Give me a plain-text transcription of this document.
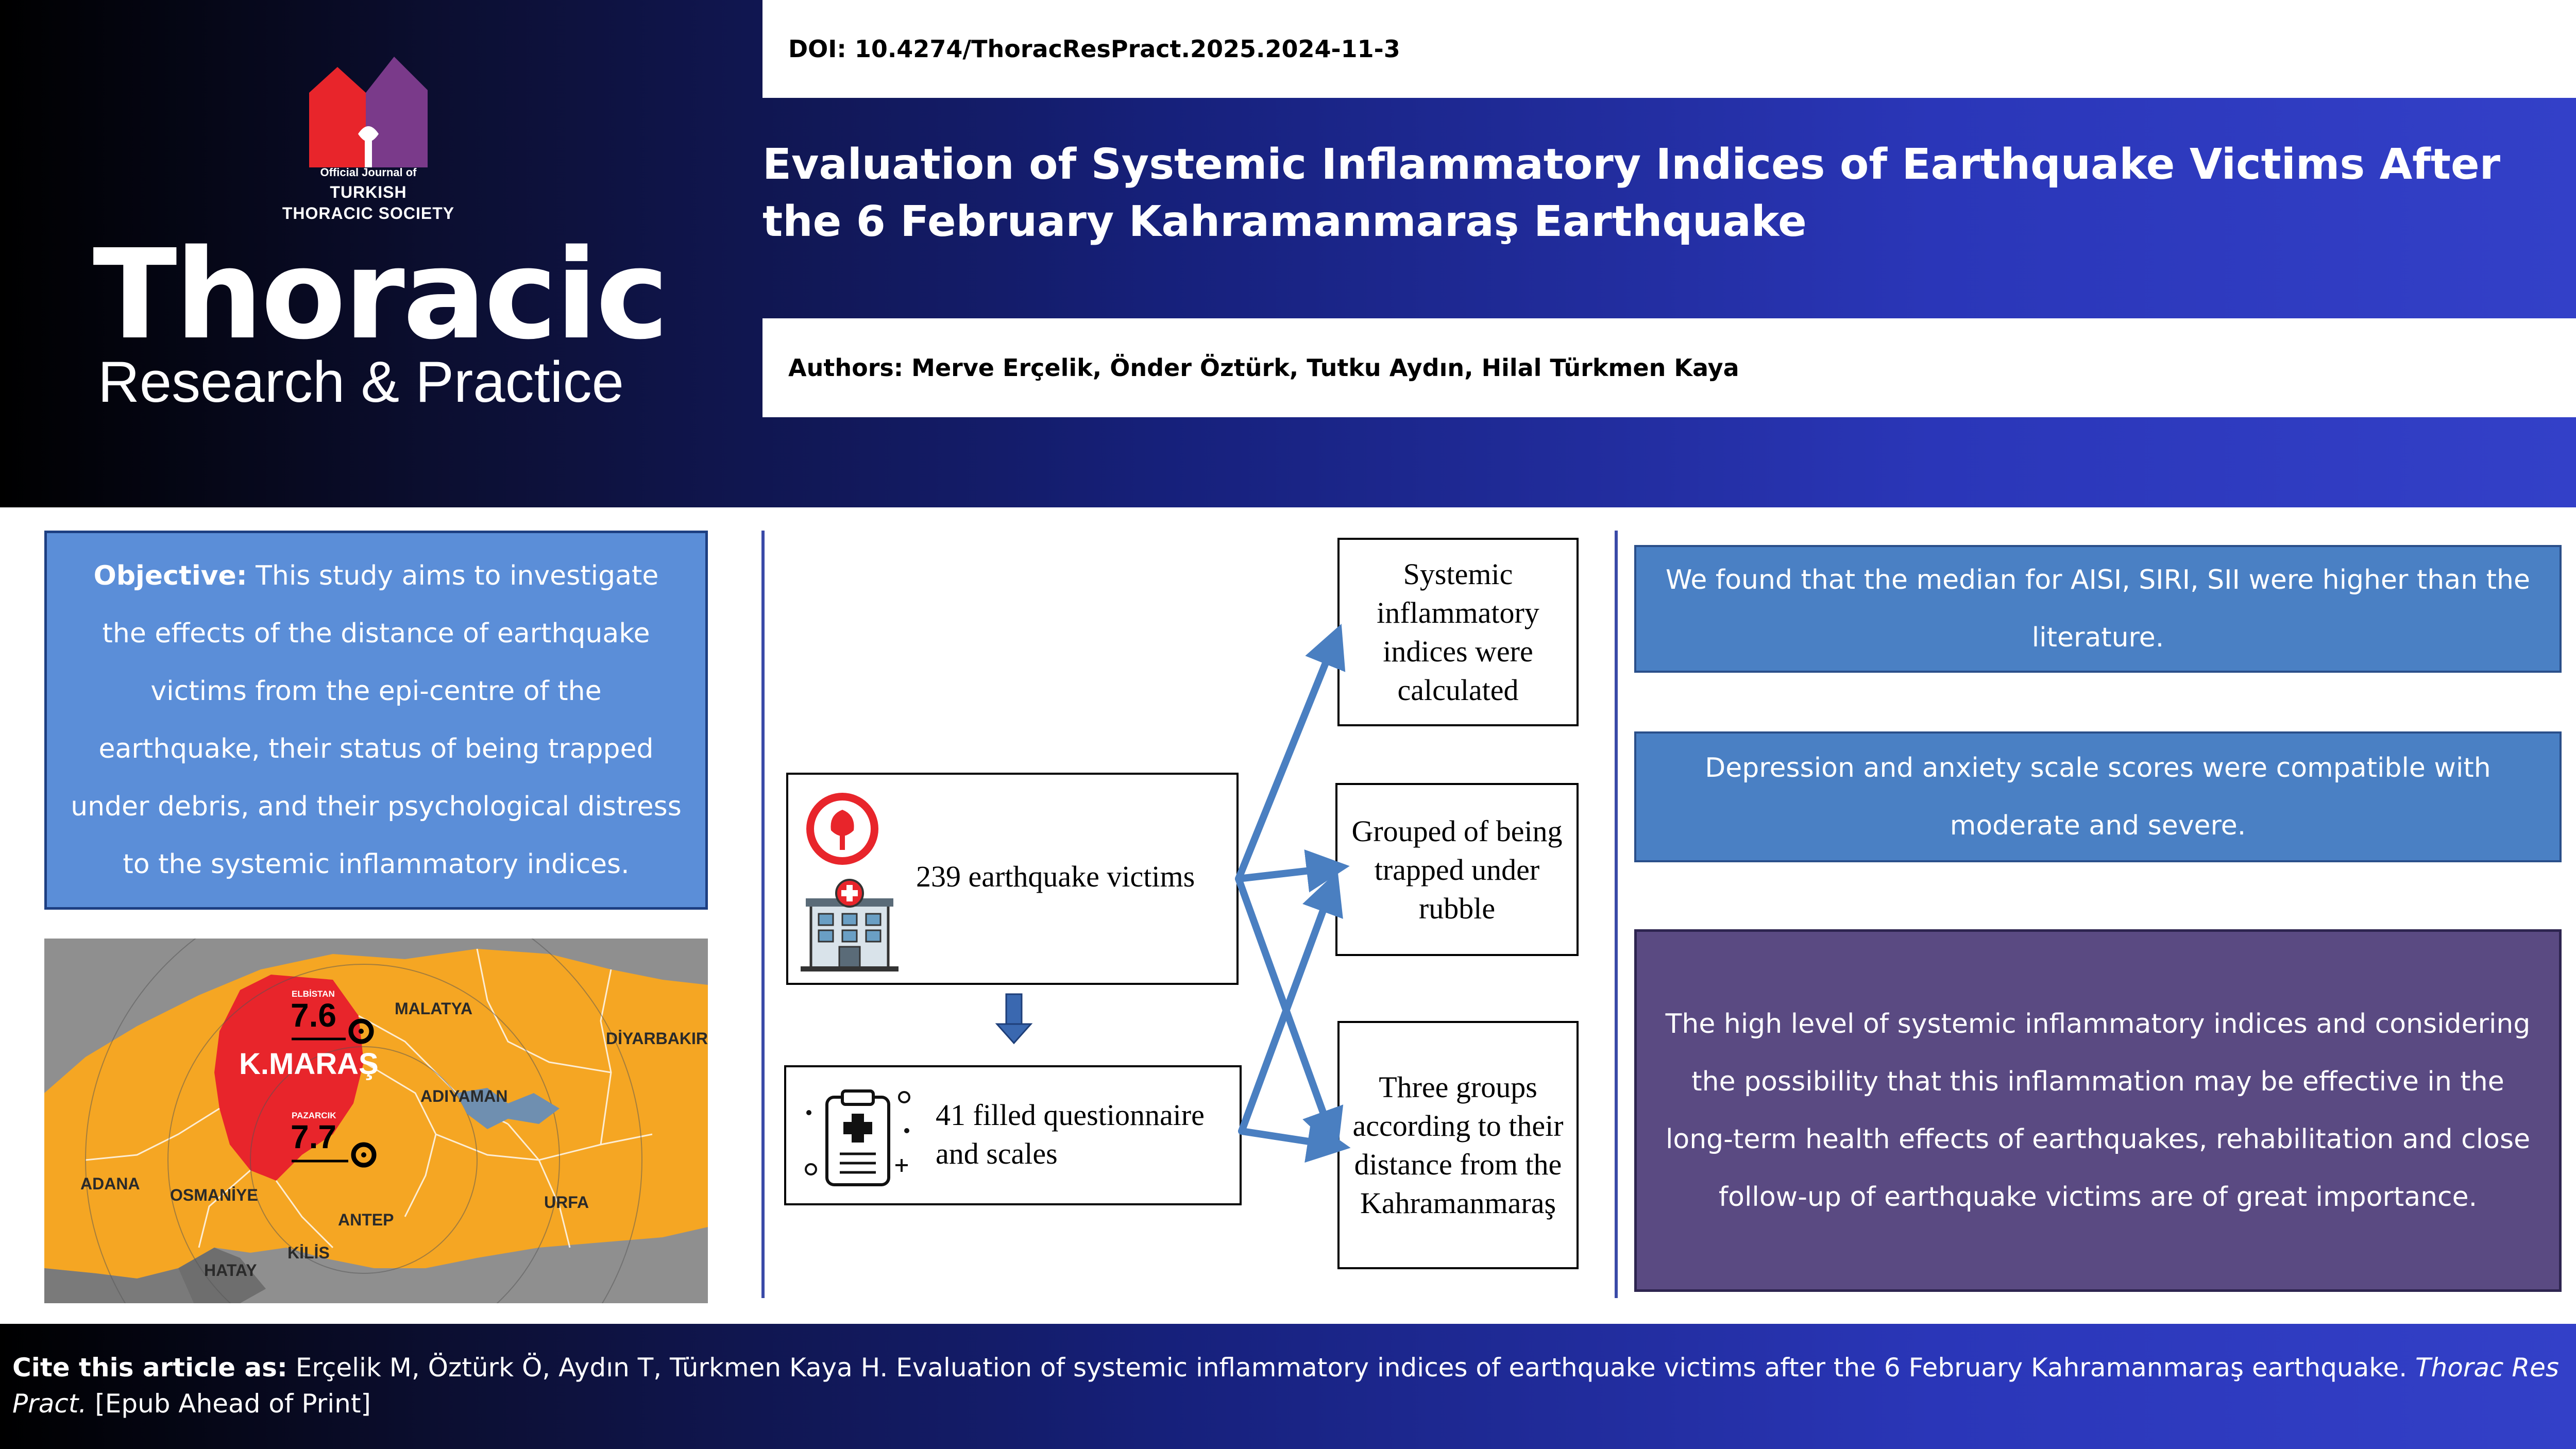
Official Journal of
TURKISH
THORACIC SOCIETY
Thoracic
Research & Practice
DOI: 10.4274/ThoracResPract.2025.2024-11-3
Evaluation of Systemic Inflammatory Indices of Earthquake Victims After the 6 February Kahramanmaraş Earthquake
Authors: Merve Erçelik, Önder Öztürk, Tutku Aydın, Hilal Türkmen Kaya

Objective: This study aims to investigate the effects of the distance of earthquake victims from the epi-centre of the earthquake, their status of being trapped under debris, and their psychological distress to the systemic inflammatory indices.

ELBİSTAN
7.6	MALATYA
DİYARBAKIR
K.MARAŞ
ADIYAMAN
PAZARCIK
7.7
ADANA
OSMANİYE	URFA
ANTEP
KİLİS
HATAY
239 earthquake victims
41 filled questionnaire and scales
Systemic inflammatory indices were calculated
Grouped of being trapped under rubble
Three groups according to their distance from the Kahramanmaraş
We found that the median for AISI, SIRI, SII were higher than the literature.
Depression and anxiety scale scores were compatible with moderate and severe.
The high level of systemic inflammatory indices and considering the possibility that this inflammation may be effective in the long-term health effects of earthquakes, rehabilitation and close follow-up of earthquake victims are of great importance.

Cite this article as: Erçelik M, Öztürk Ö, Aydın T, Türkmen Kaya H. Evaluation of systemic inflammatory indices of earthquake victims after the 6 February Kahramanmaraş earthquake. Thorac Res Pract. [Epub Ahead of Print]
